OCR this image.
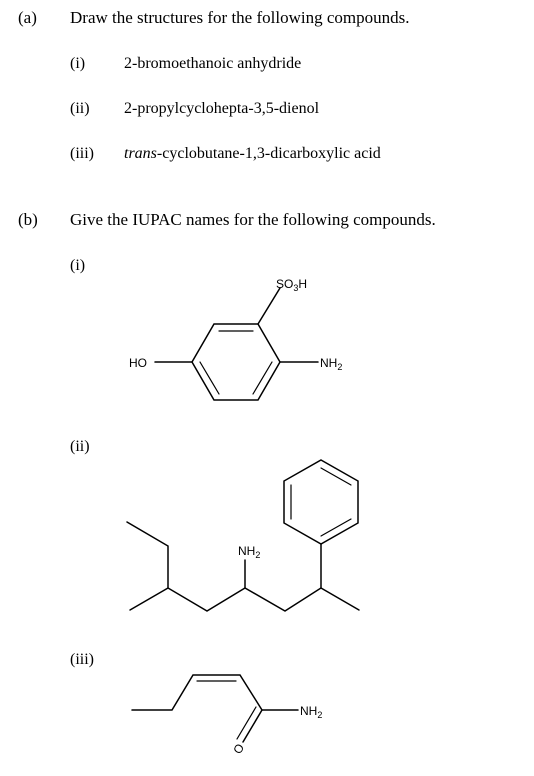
(a) Draw the structures for the following compounds.
(i) 2-bromoethanoic anhydride
(ii) 2-propylcyclohepta-3,5-dienol
(iii) trans-cyclobutane-1,3-dicarboxylic acid
(b) Give the IUPAC names for the following compounds.
(i)
(ii)
(iii)
$SO_3H$
HO	$NH_2$
$NH_2$
O
$NH_2$
